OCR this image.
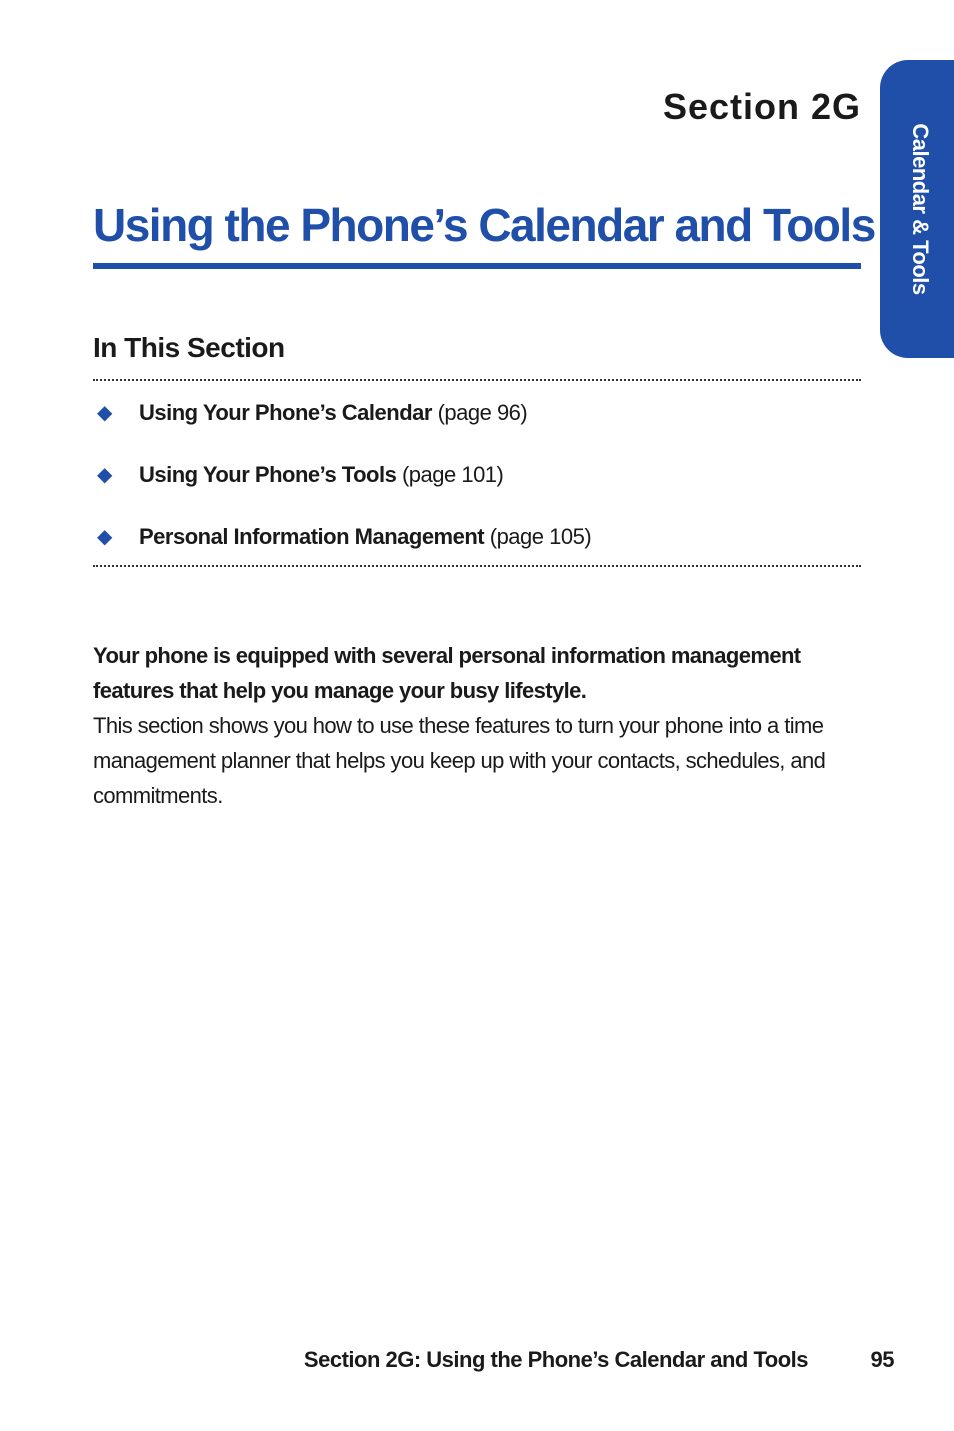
Section 2G
Using the Phone’s Calendar and Tools Calendar & Tools
In This Section
◆	Using Your Phone’s Calendar (page 96)
◆	Using Your Phone’s Tools (page 101)
◆	Personal Information Management (page 105)
Your phone is equipped with several personal information management features that help you manage your busy lifestyle.
This section shows you how to use these features to turn your phone into a time management planner that helps you keep up with your contacts, schedules, and commitments.
Section 2G: Using the Phone’s Calendar and Tools	95
